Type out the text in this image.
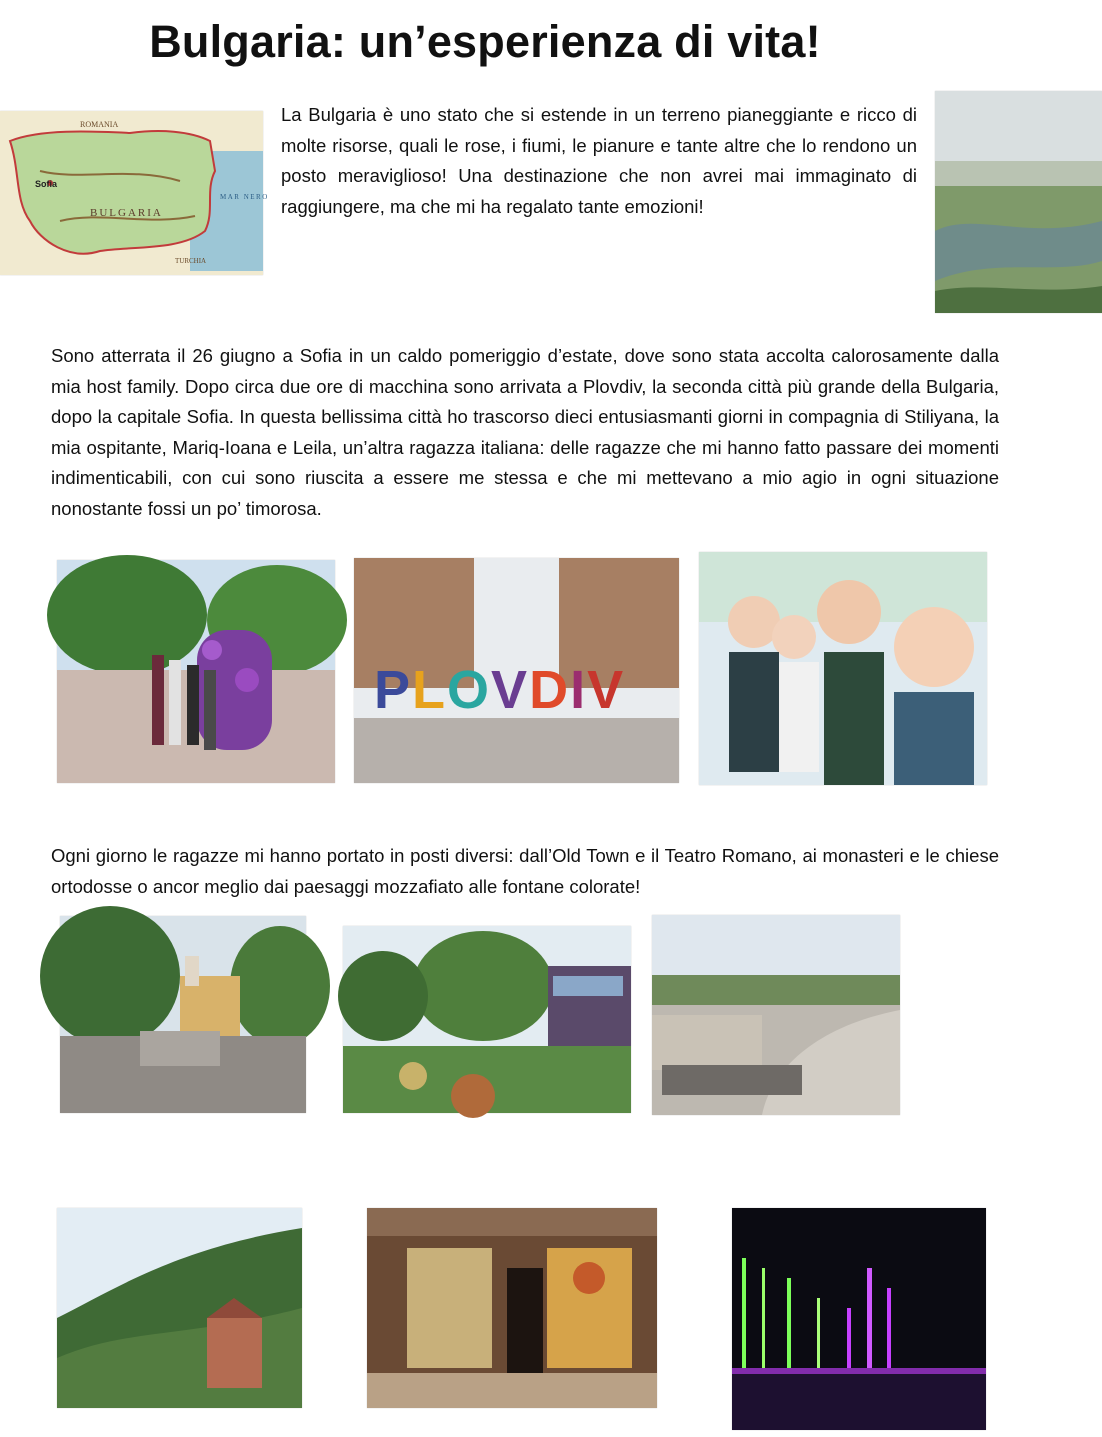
Bulgaria: un’esperienza di vita!
ROMANIA
Sofia
BULGARIA
MAR NERO
TURCHIA

La Bulgaria è uno stato che si estende in un terreno pianeggiante e ricco di molte risorse, quali le rose, i fiumi, le pianure e tante altre che lo rendono un posto meraviglioso! Una destinazione che non avrei mai immaginato di raggiungere, ma che mi ha regalato tante emozioni!

Sono atterrata il 26 giugno a Sofia in un caldo pomeriggio d’estate, dove sono stata accolta calorosamente dalla mia host family. Dopo circa due ore di macchina sono arrivata a Plovdiv, la seconda città più grande della Bulgaria, dopo la capitale Sofia. In questa bellissima città ho trascorso dieci entusiasmanti giorni in compagnia di Stiliyana, la mia ospitante, Mariq-Ioana e Leila, un’altra ragazza italiana: delle ragazze che mi hanno fatto passare dei momenti indimenticabili, con cui sono riuscita a essere me stessa e che mi mettevano a mio agio in ogni situazione nonostante fossi un po’ timorosa.

PLOVDIV

Ogni giorno le ragazze mi hanno portato in posti diversi: dall’Old Town e il Teatro Romano, ai monasteri e le chiese ortodosse o ancor meglio dai paesaggi mozzafiato alle fontane colorate!
